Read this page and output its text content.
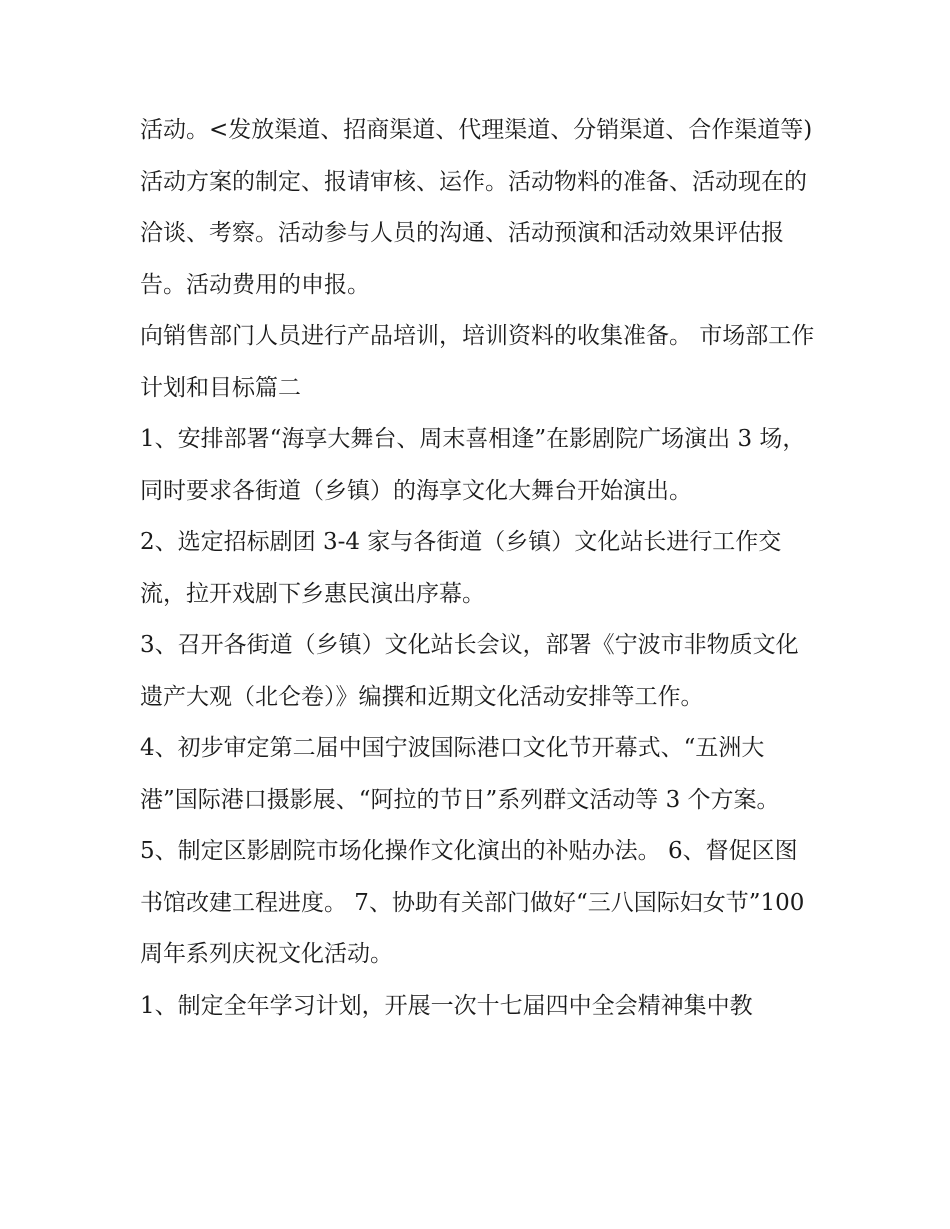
活动。<发放渠道、招商渠道、代理渠道、分销渠道、合作渠道等)

活动方案的制定、报请审核、运作。活动物料的准备、活动现在的洽谈、考察。活动参与人员的沟通、活动预演和活动效果评估报告。活动费用的申报。

向销售部门人员进行产品培训，培训资料的收集准备。 市场部工作计划和目标篇二

1、安排部署“海享大舞台、周末喜相逢”在影剧院广场演出 3 场，同时要求各街道（乡镇）的海享文化大舞台开始演出。

2、选定招标剧团 3-4 家与各街道（乡镇）文化站长进行工作交流，拉开戏剧下乡惠民演出序幕。

3、召开各街道（乡镇）文化站长会议，部署《宁波市非物质文化遗产大观（北仑卷）》编撰和近期文化活动安排等工作。

4、初步审定第二届中国宁波国际港口文化节开幕式、“五洲大港”国际港口摄影展、“阿拉的节日”系列群文活动等 3 个方案。

5、制定区影剧院市场化操作文化演出的补贴办法。 6、督促区图书馆改建工程进度。 7、协助有关部门做好“三八国际妇女节”100 周年系列庆祝文化活动。

1、制定全年学习计划，开展一次十七届四中全会精神集中教
